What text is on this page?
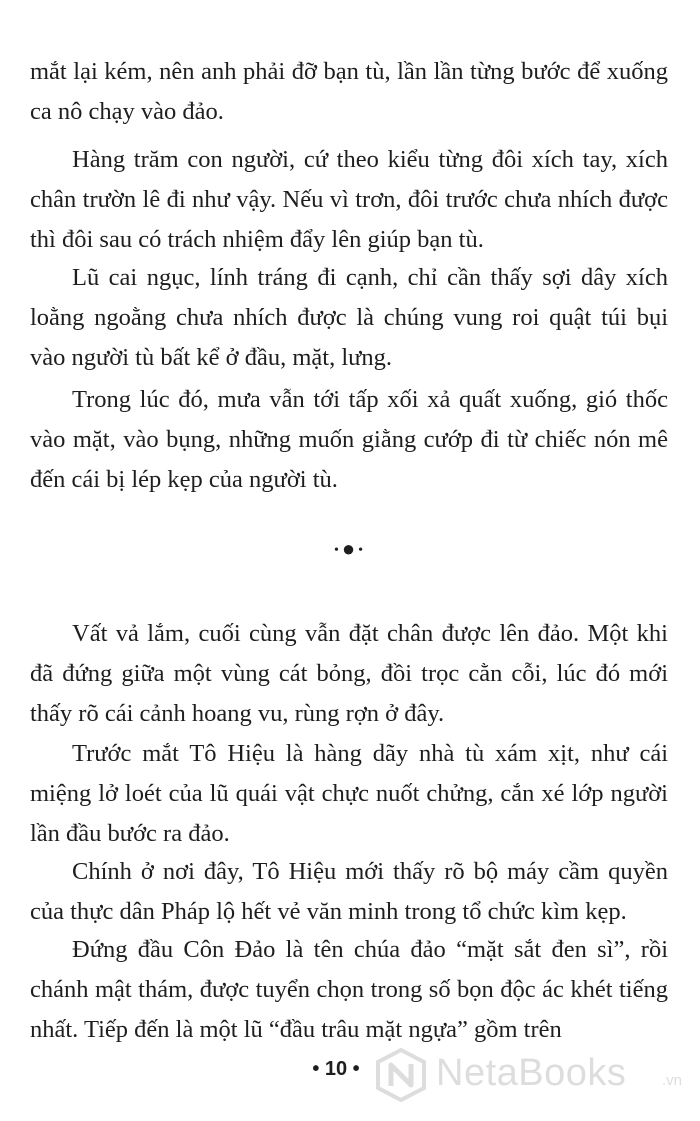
mắt lại kém, nên anh phải đỡ bạn tù, lần lần từng bước để xuống ca nô chạy vào đảo.

Hàng trăm con người, cứ theo kiểu từng đôi xích tay, xích chân trườn lê đi như vậy. Nếu vì trơn, đôi trước chưa nhích được thì đôi sau có trách nhiệm đẩy lên giúp bạn tù.

Lũ cai ngục, lính tráng đi cạnh, chỉ cần thấy sợi dây xích loằng ngoằng chưa nhích được là chúng vung roi quật túi bụi vào người tù bất kể ở đầu, mặt, lưng.

Trong lúc đó, mưa vẫn tới tấp xối xả quất xuống, gió thốc vào mặt, vào bụng, những muốn giằng cướp đi từ chiếc nón mê đến cái bị lép kẹp của người tù.

•●•

Vất vả lắm, cuối cùng vẫn đặt chân được lên đảo. Một khi đã đứng giữa một vùng cát bỏng, đồi trọc cằn cỗi, lúc đó mới thấy rõ cái cảnh hoang vu, rùng rợn ở đây.

Trước mắt Tô Hiệu là hàng dãy nhà tù xám xịt, như cái miệng lở loét của lũ quái vật chực nuốt chửng, cắn xé lớp người lần đầu bước ra đảo.

Chính ở nơi đây, Tô Hiệu mới thấy rõ bộ máy cầm quyền của thực dân Pháp lộ hết vẻ văn minh trong tổ chức kìm kẹp.

Đứng đầu Côn Đảo là tên chúa đảo “mặt sắt đen sì”, rồi chánh mật thám, được tuyển chọn trong số bọn độc ác khét tiếng nhất. Tiếp đến là một lũ “đầu trâu mặt ngựa” gồm trên

• 10 •	NetaBooks .vn
